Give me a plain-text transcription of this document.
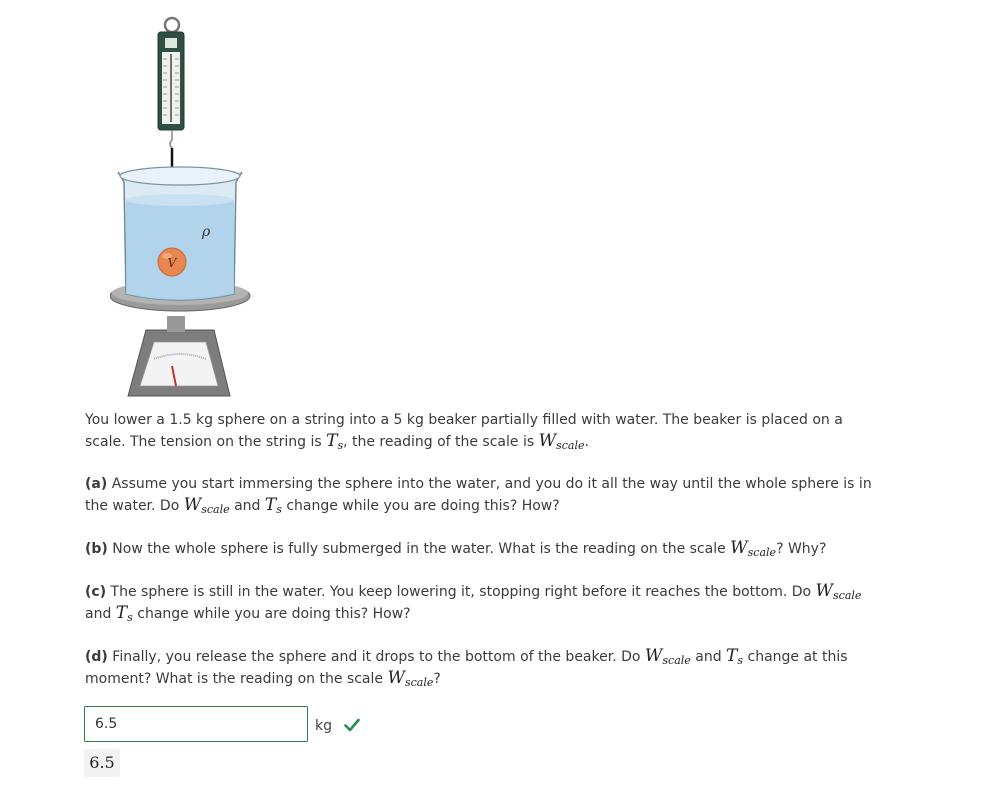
V
ρ

You lower a 1.5 kg sphere on a string into a 5 kg beaker partially filled with water. The beaker is placed on a scale. The tension on the string is $T_s$, the reading of the scale is $W_{scale}$.

(a) Assume you start immersing the sphere into the water, and you do it all the way until the whole sphere is in the water. Do $W_{scale}$ and $T_s$ change while you are doing this? How?

(b) Now the whole sphere is fully submerged in the water. What is the reading on the scale $W_{scale}$? Why?

(c) The sphere is still in the water. You keep lowering it, stopping right before it reaches the bottom. Do $W_{scale}$
and $T_s$ change while you are doing this? How?

(d) Finally, you release the sphere and it drops to the bottom of the beaker. Do $W_{scale}$ and $T_s$ change at this moment? What is the reading on the scale $W_{scale}$?

6.5
kg
6.5
